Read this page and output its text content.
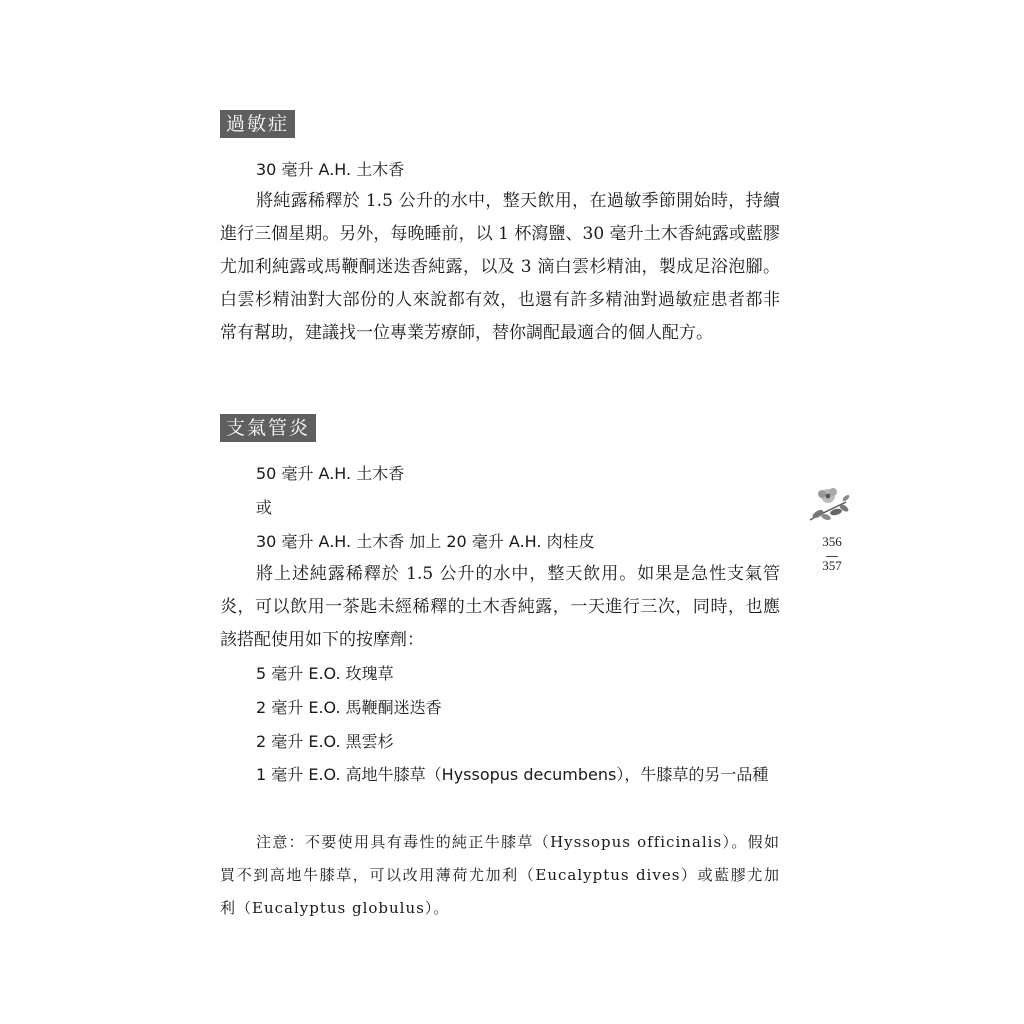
過敏症
30 毫升 A.H. 土木香

將純露稀釋於 1.5 公升的水中，整天飲用，在過敏季節開始時，持續進行三個星期。另外，每晚睡前，以 1 杯瀉鹽、30 毫升土木香純露或藍膠尤加利純露或馬鞭酮迷迭香純露，以及 3 滴白雲杉精油，製成足浴泡腳。白雲杉精油對大部份的人來說都有效，也還有許多精油對過敏症患者都非常有幫助，建議找一位專業芳療師，替你調配最適合的個人配方。

支氣管炎
50 毫升 A.H. 土木香
或
30 毫升 A.H. 土木香 加上 20 毫升 A.H. 肉桂皮

將上述純露稀釋於 1.5 公升的水中，整天飲用。如果是急性支氣管炎，可以飲用一茶匙未經稀釋的土木香純露，一天進行三次，同時，也應該搭配使用如下的按摩劑：

5 毫升 E.O. 玫瑰草
2 毫升 E.O. 馬鞭酮迷迭香
2 毫升 E.O. 黑雲杉
1 毫升 E.O. 高地牛膝草（Hyssopus decumbens），牛膝草的另一品種

注意：不要使用具有毒性的純正牛膝草（Hyssopus officinalis）。假如買不到高地牛膝草，可以改用薄荷尤加利（Eucalyptus dives）或藍膠尤加利（Eucalyptus globulus）。

356
357
